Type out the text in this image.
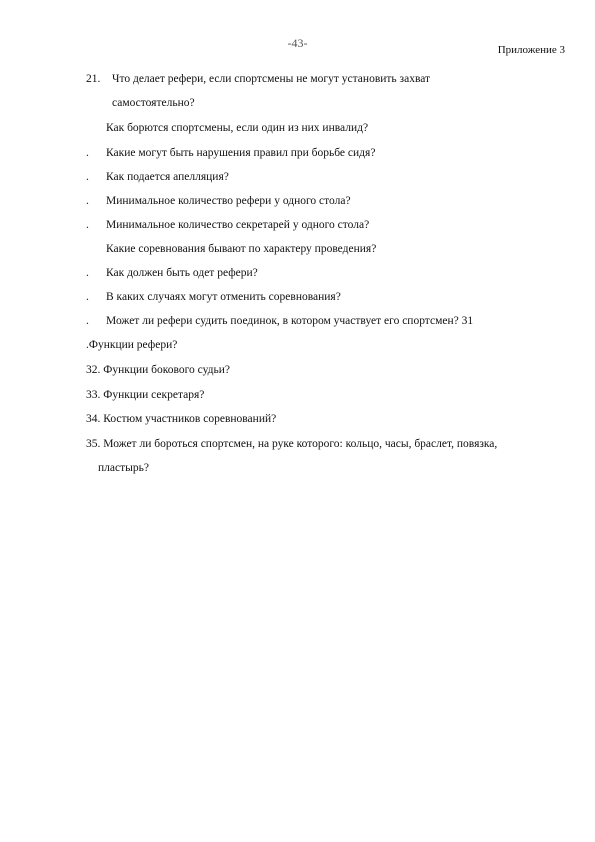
-43-	Приложение 3
21. Что делает рефери, если спортсмены не могут установить захват
самостоятельно?
Как борются спортсмены, если один из них инвалид?
. Какие могут быть нарушения правил при борьбе сидя?
. Как подается апелляция?
. Минимальное количество рефери у одного стола?
. Минимальное количество секретарей у одного стола?
Какие соревнования бывают по характеру проведения?
. Как должен быть одет рефери?
. В каких случаях могут отменить соревнования?
. Может ли рефери судить поединок, в котором участвует его спортсмен? 31
.Функции рефери?
32. Функции бокового судьи?
33. Функции секретаря?
34. Костюм участников соревнований?
35. Может ли бороться спортсмен, на руке которого: кольцо, часы, браслет, повязка,
пластырь?
